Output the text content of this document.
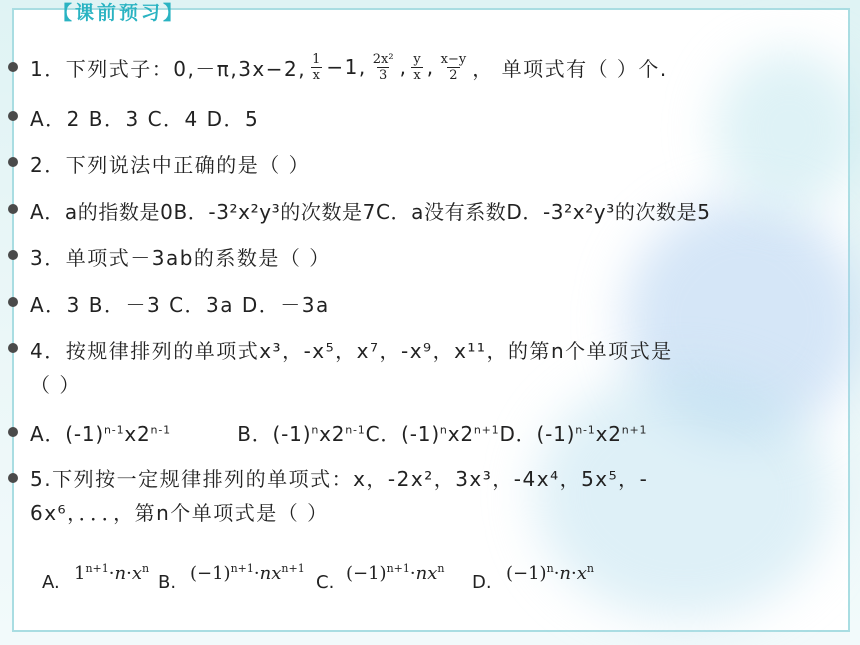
【课前预习】
1．下列式子：0,－π,3x−2, $\frac{1}{x} -1$, $\frac{\text{2x²}}{3}$ , $\frac{y}{x}$ , $\frac{x-y}{2}$ ， 单项式有（ ）个.
A．2 B．3 C．4 D．5
2．下列说法中正确的是（ ）
A．a的指数是0B．-3²x²y³的次数是7C．a没有系数D．-3²x²y³的次数是5
3．单项式－3ab的系数是（ ）
A．3 B．－3 C．3a D．－3a
4．按规律排列的单项式x³，-x⁵，x⁷，-x⁹，x¹¹，的第n个单项式是
（ ）
A．$(-1)^{n-1}x2^{n-1}$	B．$(-1)^nx2^{n-1}C$．$(-1)^nx2^{n+1}D$．$(-1)^{n-1}x2^{n+1}$
5.下列按一定规律排列的单项式：x，-2x²，3x³，-4x⁴，5x⁵，-
6x⁶，．．．，第n个单项式是（ ）
A. $1^{n+1}\cdot n\cdot x^n$
B. $(-1)^{n+1}\cdot nx^{n+1}$
C. $(-1)^{n+1}\cdot nx^n$
D. $(-1)^n\cdot n\cdot x^n$
